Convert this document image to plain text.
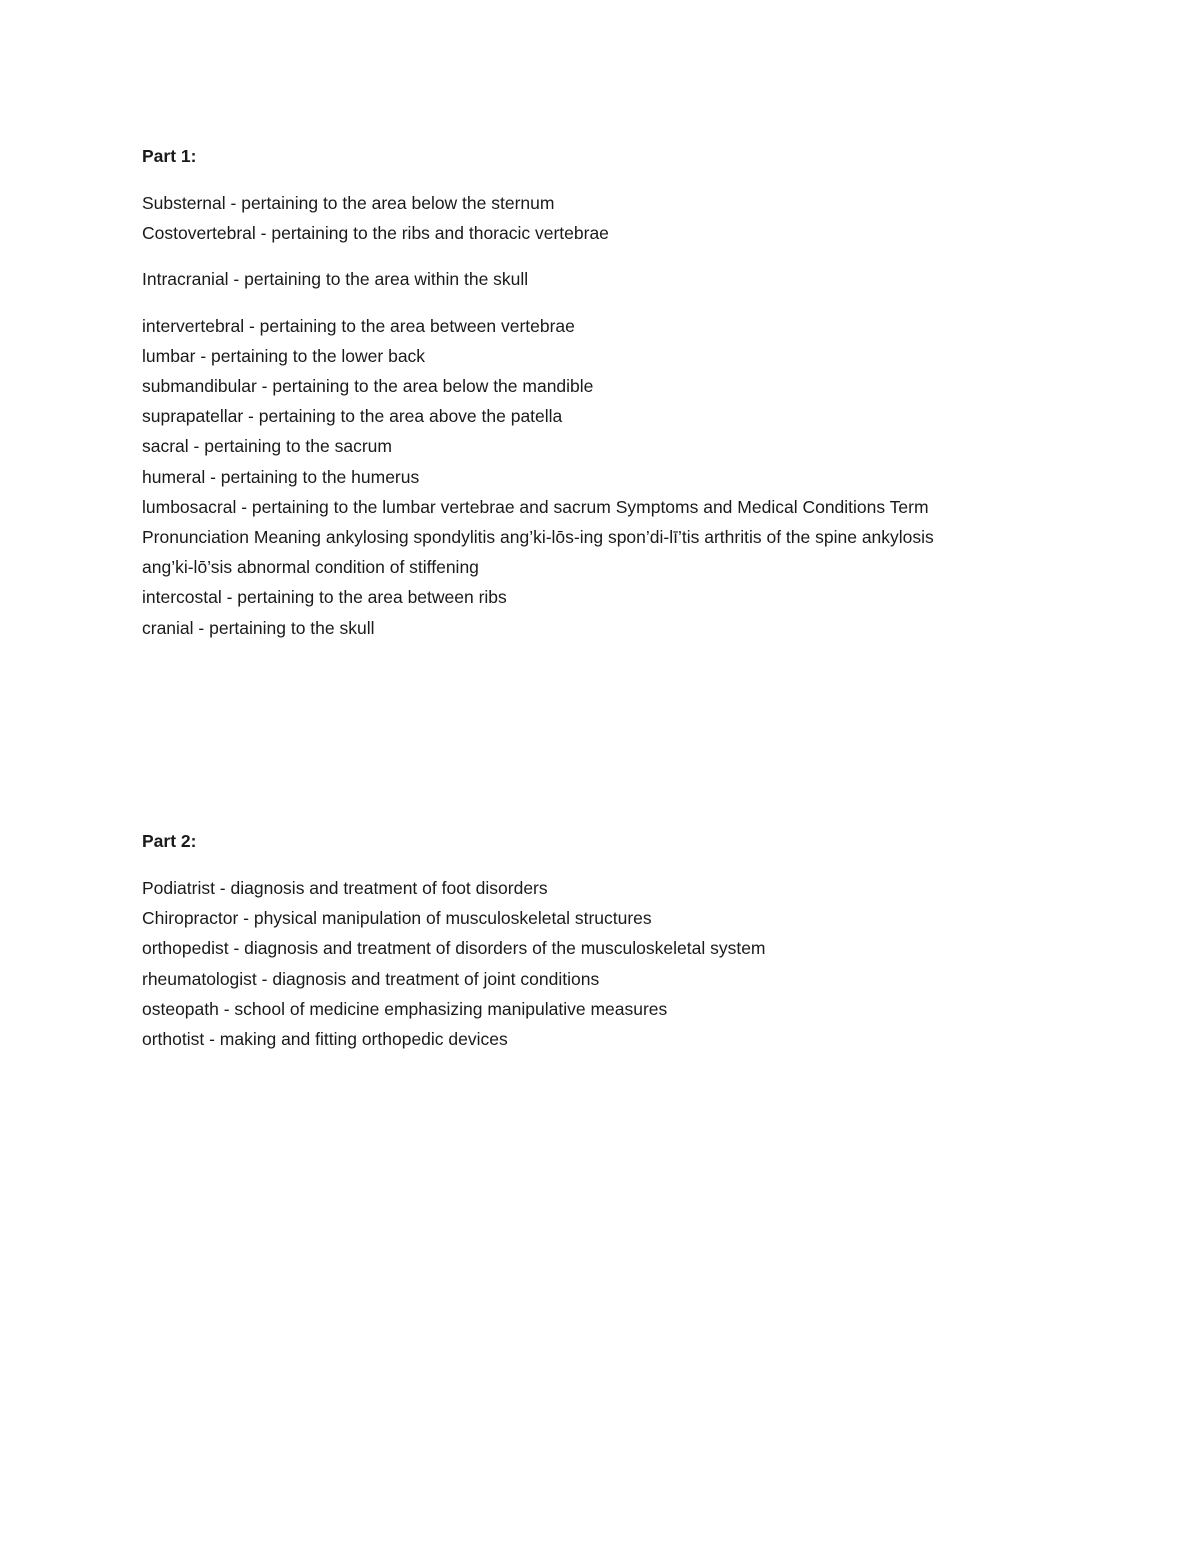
Part 1:

Substernal - pertaining to the area below the sternum

Costovertebral - pertaining to the ribs and thoracic vertebrae

Intracranial - pertaining to the area within the skull

intervertebral - pertaining to the area between vertebrae

lumbar - pertaining to the lower back

submandibular - pertaining to the area below the mandible

suprapatellar - pertaining to the area above the patella

sacral - pertaining to the sacrum

humeral - pertaining to the humerus

lumbosacral - pertaining to the lumbar vertebrae and sacrum Symptoms and Medical Conditions Term

Pronunciation Meaning ankylosing spondylitis ang’ki-lōs-ing spon’di-lī’tis arthritis of the spine ankylosis

ang’ki-lō’sis abnormal condition of stiffening

intercostal - pertaining to the area between ribs

cranial - pertaining to the skull

Part 2:

Podiatrist - diagnosis and treatment of foot disorders

Chiropractor - physical manipulation of musculoskeletal structures

orthopedist - diagnosis and treatment of disorders of the musculoskeletal system

rheumatologist - diagnosis and treatment of joint conditions

osteopath - school of medicine emphasizing manipulative measures

orthotist - making and fitting orthopedic devices
